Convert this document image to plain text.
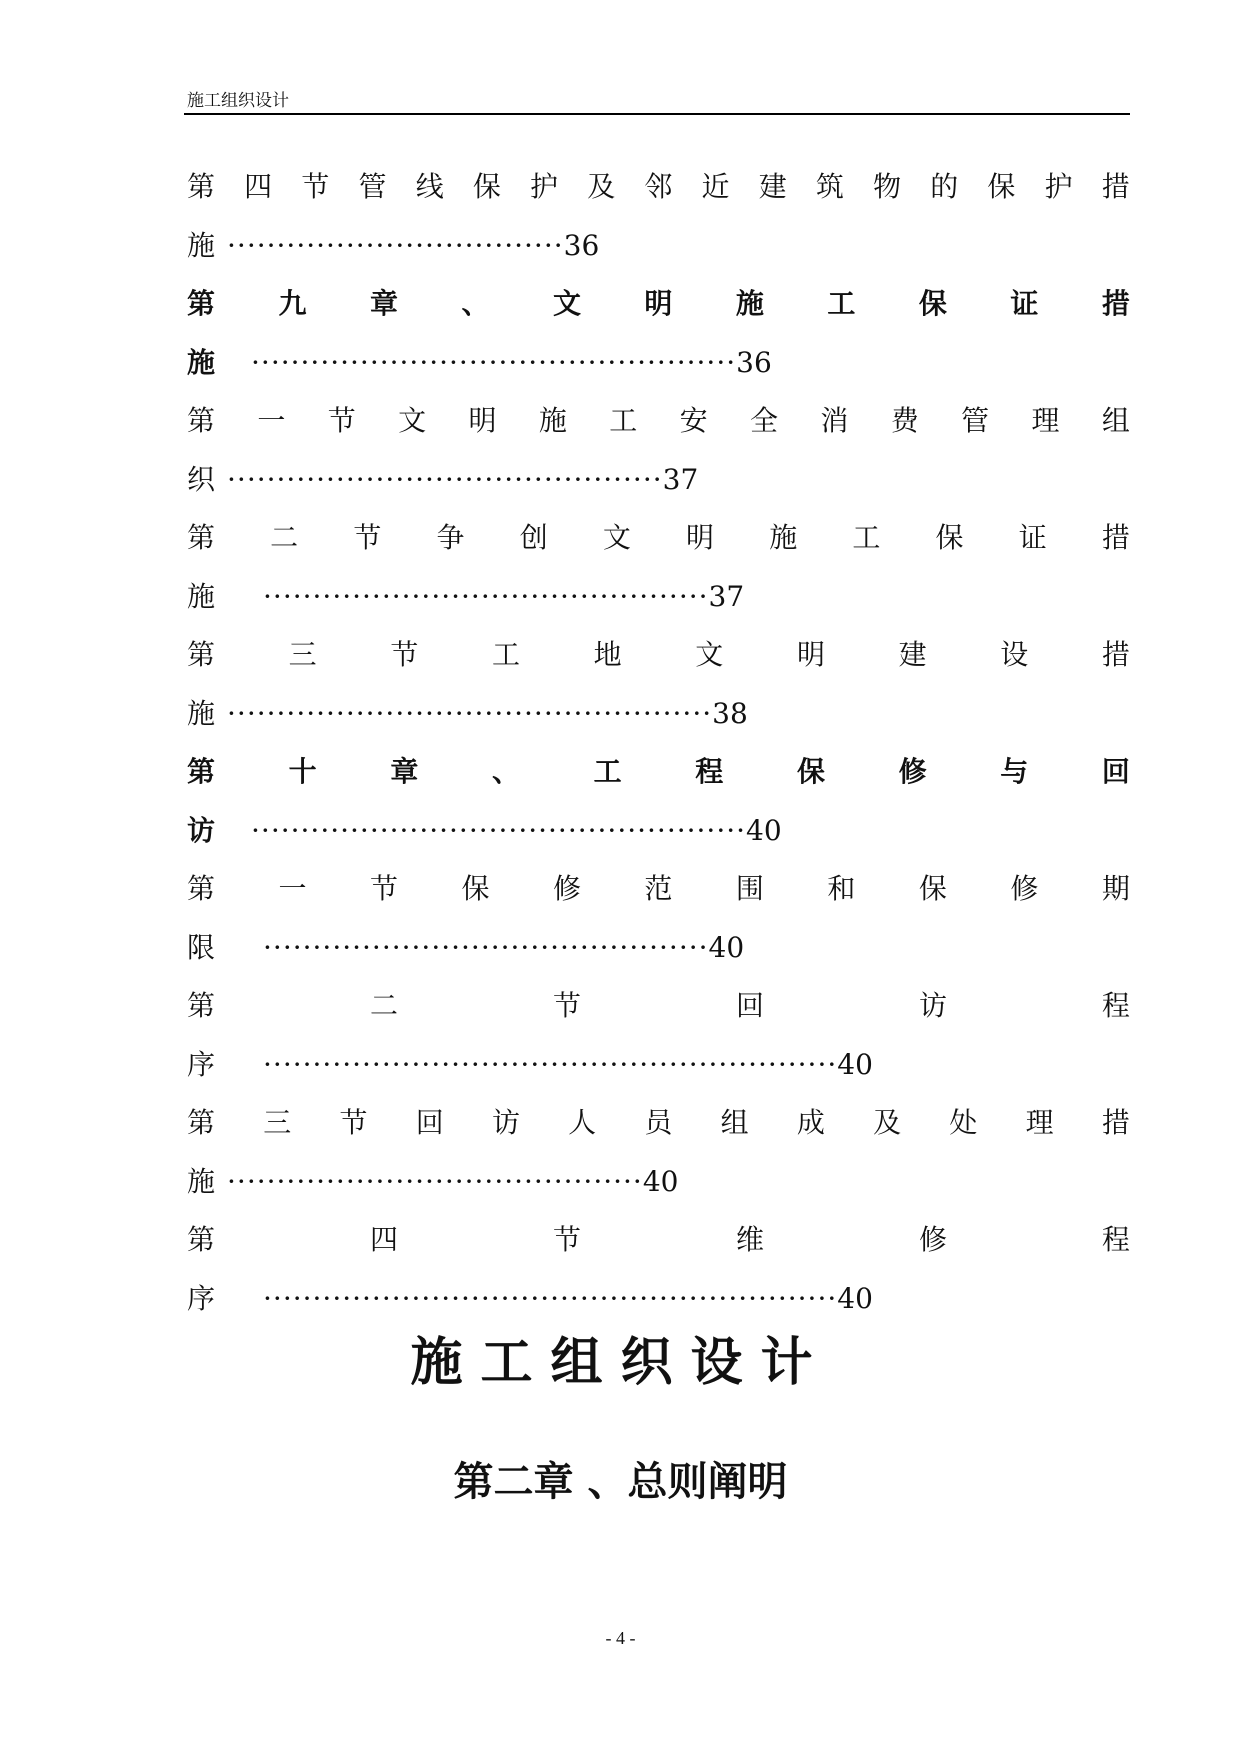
施工组织设计
第 四 节 管 线 保 护 及 邻 近 建 筑 物 的 保 护 措
施 ·································· 36
第 九 章 、 文 明 施 工 保 证 措
施 ················································· 36
第 一 节 文 明 施 工 安 全 消 费 管 理 组
织 ············································ 37
第 二 节 争 创 文 明 施 工 保 证 措
施 ············································· 37
第	三	节	工	地	文	明	建	设	措
施 ················································· 38
第	十	章	、	工	程	保	修	与	回
访 ·················································· 40
第 一 节 保 修 范 围 和 保 修 期
限 ············································· 40
第	二	节	回	访	程
序 ·························································· 40
第 三 节 回 访 人 员 组 成 及 处 理 措
施 ·········································· 40
第	四	节	维	修	程
序 ·························································· 40
施工组织设计
第二章 、总则阐明
- 4 -
